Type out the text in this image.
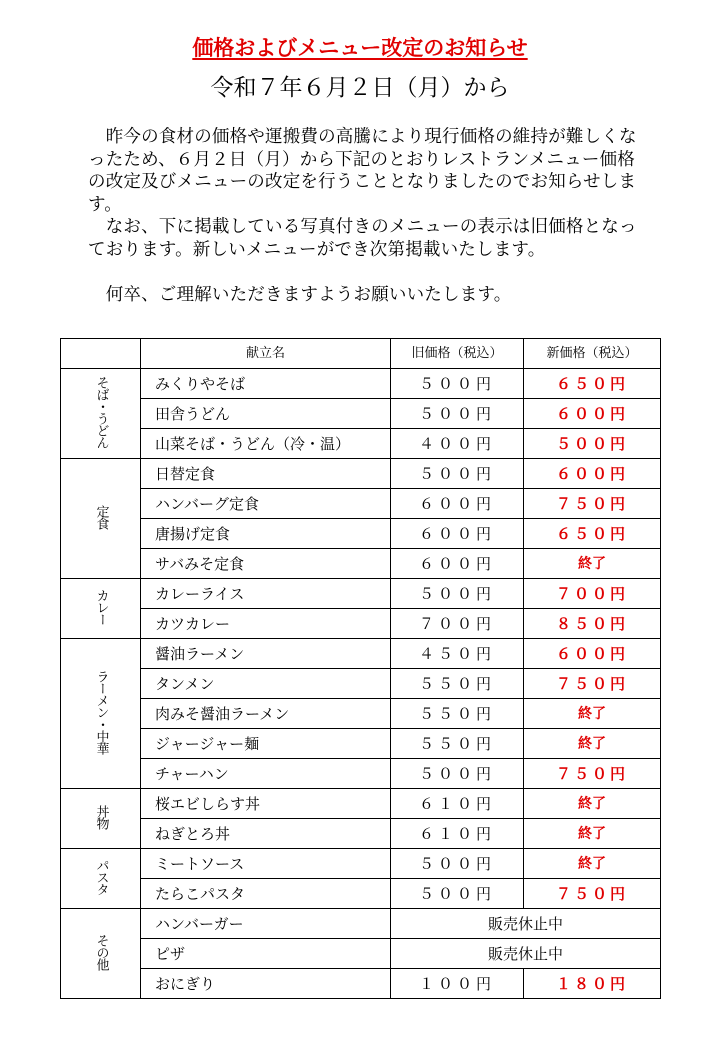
価格およびメニュー改定のお知らせ
令和７年６月２日（月）から
　昨今の食材の価格や運搬費の高騰により現行価格の維持が難しくなったため、６月２日（月）から下記のとおりレストランメニュー価格の改定及びメニューの改定を行うこととなりましたのでお知らせします。
　なお、下に掲載している写真付きのメニューの表示は旧価格となっております。新しいメニューができ次第掲載いたします。

　何卒、ご理解いただきますようお願いいたします。
	献立名	旧価格（税込）	新価格（税込）
そば・うどん	みくりやそば	５００円	６５０円
	田舎うどん	５００円	６００円
	山菜そば・うどん（冷・温）	４００円	５００円
定食	日替定食	５００円	６００円
	ハンバーグ定食	６００円	７５０円
	唐揚げ定食	６００円	６５０円
	サバみそ定食	６００円	終了
カレー	カレーライス	５００円	７００円
	カツカレー	７００円	８５０円
ラーメン・中華	醤油ラーメン	４５０円	６００円
	タンメン	５５０円	７５０円
	肉みそ醤油ラーメン	５５０円	終了
	ジャージャー麺	５５０円	終了
	チャーハン	５００円	７５０円
丼物	桜エビしらす丼	６１０円	終了
	ねぎとろ丼	６１０円	終了
パスタ	ミートソース	５００円	終了
	たらこパスタ	５００円	７５０円
その他	ハンバーガー	販売休止中	
	ピザ	販売休止中	
	おにぎり	１００円	１８０円
